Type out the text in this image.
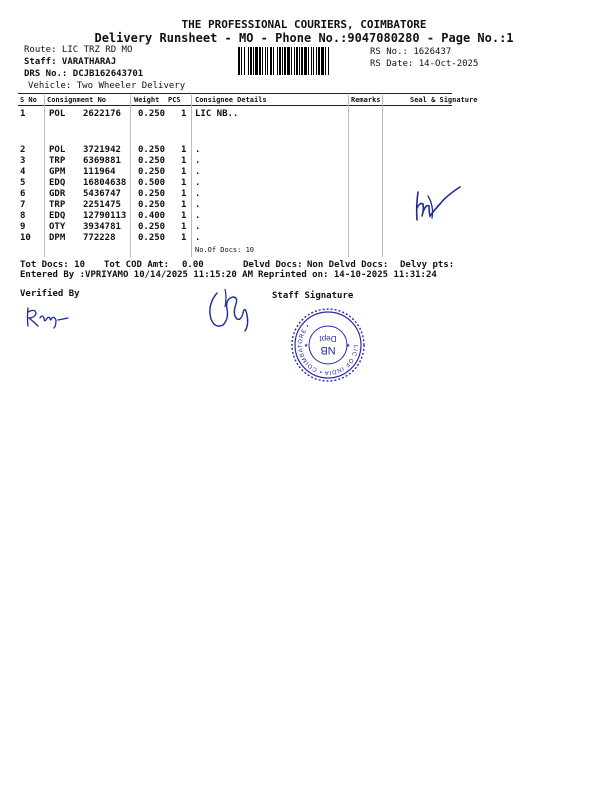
THE PROFESSIONAL COURIERS, COIMBATORE
Delivery Runsheet - MO - Phone No.:9047080280 - Page No.:1
Route: LIC TRZ RD MO
Staff: VARATHARAJ
DRS No.: DCJB162643701
Vehicle: Two Wheeler Delivery
RS No.: 1626437
RS Date: 14-Oct-2025
S No Consignment No	Weight PCS Consignee Details	Remarks	Seal & Signature
1	POL 2622176 0.250 1 LIC NB..
2	POL 3721942 0.250 1 .
3	TRP 6369881 0.250 1 .
4	GPM 111964 0.250 1 .
5	EDQ 16804638 0.500 1 .
6	GDR 5436747 0.250 1 .
7	TRP 2251475 0.250 1 .
8	EDQ 12790113 0.400 1 .
9	OTY 3934781 0.250 1 .
10 DPM 772228 0.250 1 .
No.Of Docs: 10
Tot Docs: 10 Tot COD Amt: 0.00	Delvd Docs: Non Delvd Docs: Delvy pts:
Entered By :VPRIYAMO 10/14/2025 11:15:20 AM Reprinted on: 14-10-2025 11:31:24
Verified By	Staff Signature
LIC OF INDIA • COIMBATORE •
NB
Dept
★	★
